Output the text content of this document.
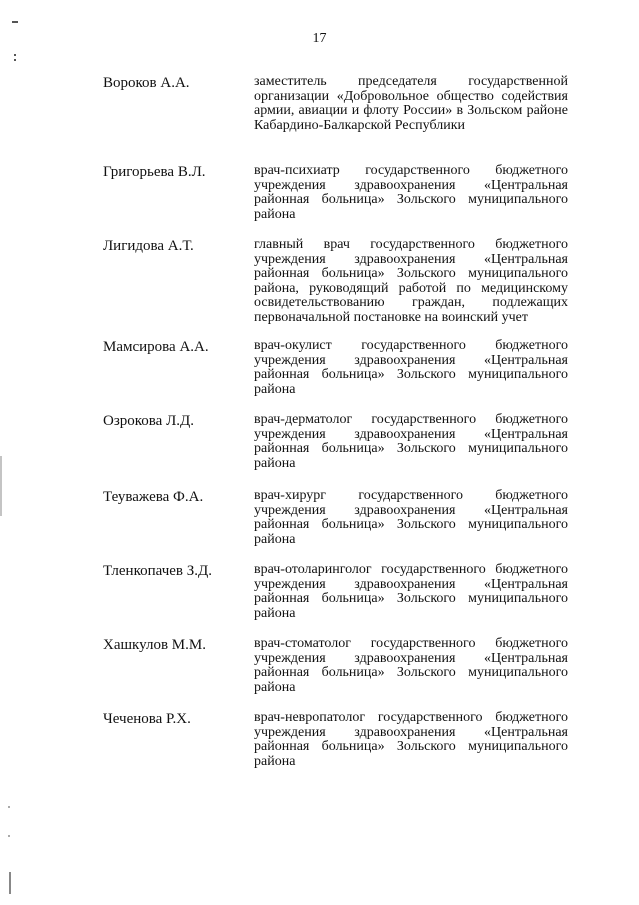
17
Вороков А.А.	заместитель председателя государственной организации «Добровольное общество содействия армии, авиации и флоту России» в Зольском районе Кабардино-Балкарской Республики
Григорьева В.Л.	врач-психиатр государственного бюджетного учреждения здравоохранения «Центральная районная больница» Зольского муниципального района
Лигидова А.Т.	главный врач государственного бюджетного учреждения здравоохранения «Центральная районная больница» Зольского муниципального района, руководящий работой по медицинскому освидетельствованию граждан, подлежащих первоначальной постановке на воинский учет
Мамсирова А.А.	врач-окулист государственного бюджетного учреждения здравоохранения «Центральная районная больница» Зольского муниципального района
Озрокова Л.Д.	врач-дерматолог государственного бюджетного учреждения здравоохранения «Центральная районная больница» Зольского муниципального района
Теуважева Ф.А.	врач-хирург государственного бюджетного учреждения здравоохранения «Центральная районная больница» Зольского муниципального района
Тленкопачев З.Д.	врач-отоларинголог государственного бюджетного учреждения здравоохранения «Центральная районная больница» Зольского муниципального района
Хашкулов М.М.	врач-стоматолог государственного бюджетного учреждения здравоохранения «Центральная районная больница» Зольского муниципального района
Чеченова Р.Х.	врач-невропатолог государственного бюджетного учреждения здравоохранения «Центральная районная больница» Зольского муниципального района
